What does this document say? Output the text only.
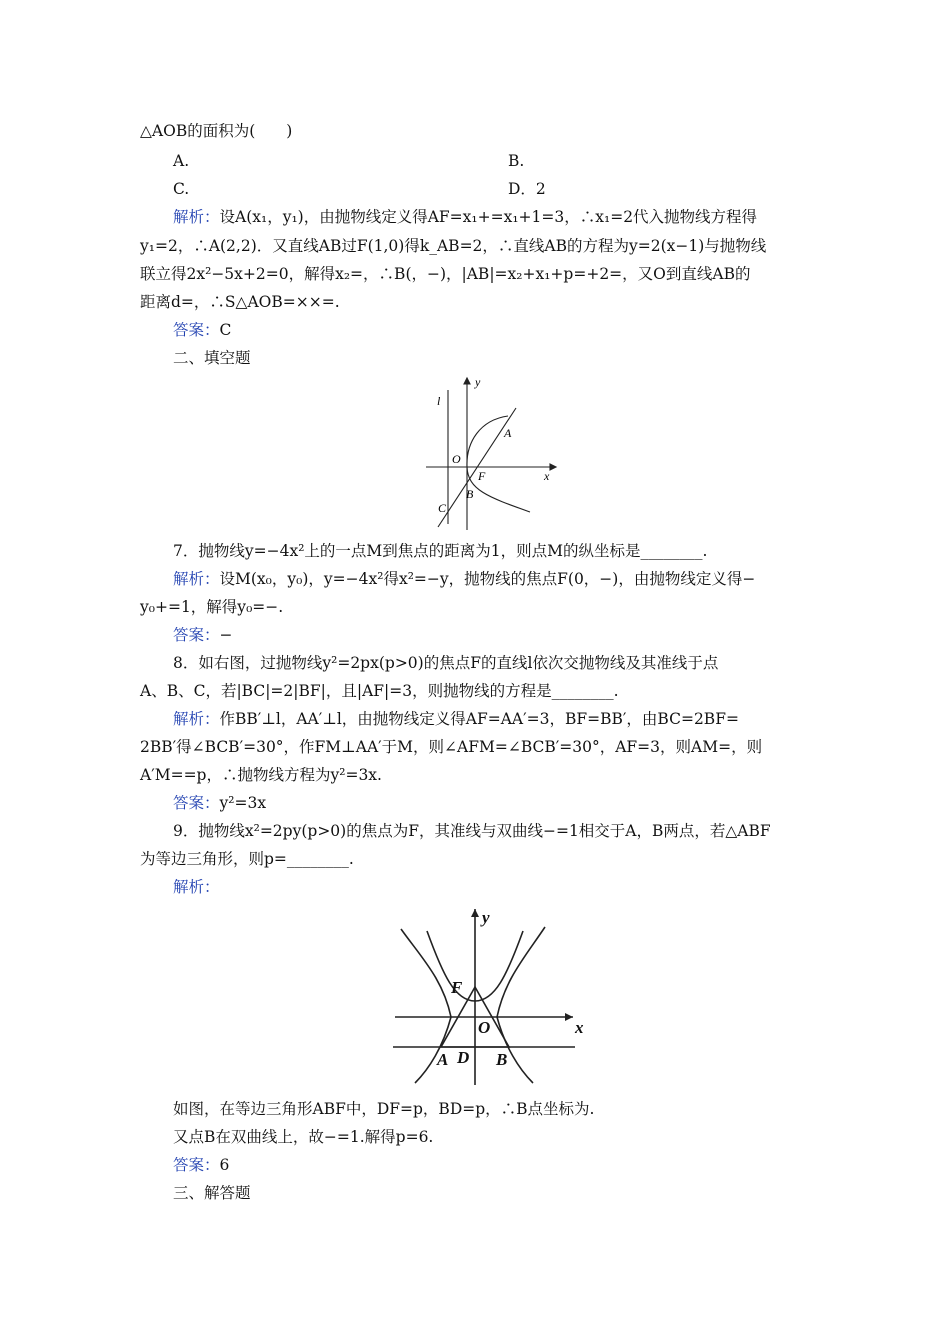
△AOB的面积为(　　)
A.	B.
C.	D．2
解析：设A(x₁，y₁)，由抛物线定义得AF=x₁+=x₁+1=3，∴x₁=2代入抛物线方程得
y₁=2，∴A(2,2)．又直线AB过F(1,0)得k_AB=2，∴直线AB的方程为y=2(x−1)与抛物线
联立得2x²−5x+2=0，解得x₂=，∴B(，−)，|AB|=x₂+x₁+p=+2=，又O到直线AB的
距离d=，∴S△AOB=××=.
答案：C
二、填空题
y
x
l
A
O
F
B
C
7．抛物线y=−4x²上的一点M到焦点的距离为1，则点M的纵坐标是________.
解析：设M(x₀，y₀)，y=−4x²得x²=−y，抛物线的焦点F(0，−)，由抛物线定义得−
y₀+=1，解得y₀=−.
答案：−
8．如右图，过抛物线y²=2px(p>0)的焦点F的直线l依次交抛物线及其准线于点
A、B、C，若|BC|=2|BF|，且|AF|=3，则抛物线的方程是________.
解析：作BB′⊥l，AA′⊥l，由抛物线定义得AF=AA′=3，BF=BB′，由BC=2BF=
2BB′得∠BCB′=30°，作FM⊥AA′于M，则∠AFM=∠BCB′=30°，AF=3，则AM=，则
A′M==p，∴抛物线方程为y²=3x.
答案：y²=3x
9．抛物线x²=2py(p>0)的焦点为F，其准线与双曲线−=1相交于A，B两点，若△ABF
为等边三角形，则p=________.
解析：
y
x
F
O
A D B
如图，在等边三角形ABF中，DF=p，BD=p，∴B点坐标为.
又点B在双曲线上，故−=1.解得p=6.
答案：6
三、解答题
